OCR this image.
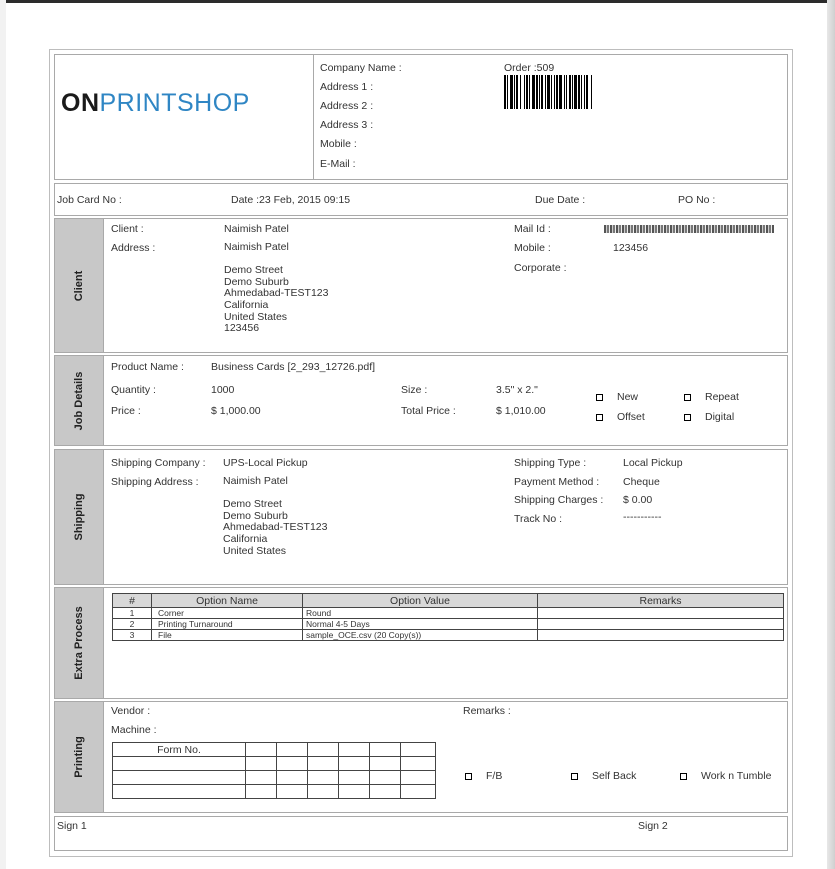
ONPRINTSHOP
Company Name :
Address 1 :
Address 2 :
Address 3 :
Mobile :
E-Mail :
Order :509
Job Card No :	Date :23 Feb, 2015 09:15	Due Date :	PO No :
Client
Client :	Naimish Patel
Address :	Naimish Patel
Demo Street
Demo Suburb
Ahmedabad-TEST123
California
United States
123456
Mail Id :
Mobile :	123456
Corporate :
Job Details
Product Name :	Business Cards [2_293_12726.pdf]
Quantity :	1000
Price :	$ 1,000.00
Size :	3.5" x 2."
Total Price :	$ 1,010.00
New	Repeat
Offset	Digital
Shipping
Shipping Company : UPS-Local Pickup
Shipping Address : Naimish Patel
Demo Street
Demo Suburb
Ahmedabad-TEST123
California
United States
Shipping Type :	Local Pickup
Payment Method : Cheque
Shipping Charges : $ 0.00
Track No :	-----------
Extra Process
#	Option Name	Option Value	Remarks
1	Corner	Round	
2	Printing Turnaround	Normal 4-5 Days	
3	File	sample_OCE.csv (20 Copy(s))	
Printing
Vendor :
Machine :
Remarks :
Form No.						

F/B	Self Back	Work n Tumble
Sign 1	Sign 2
